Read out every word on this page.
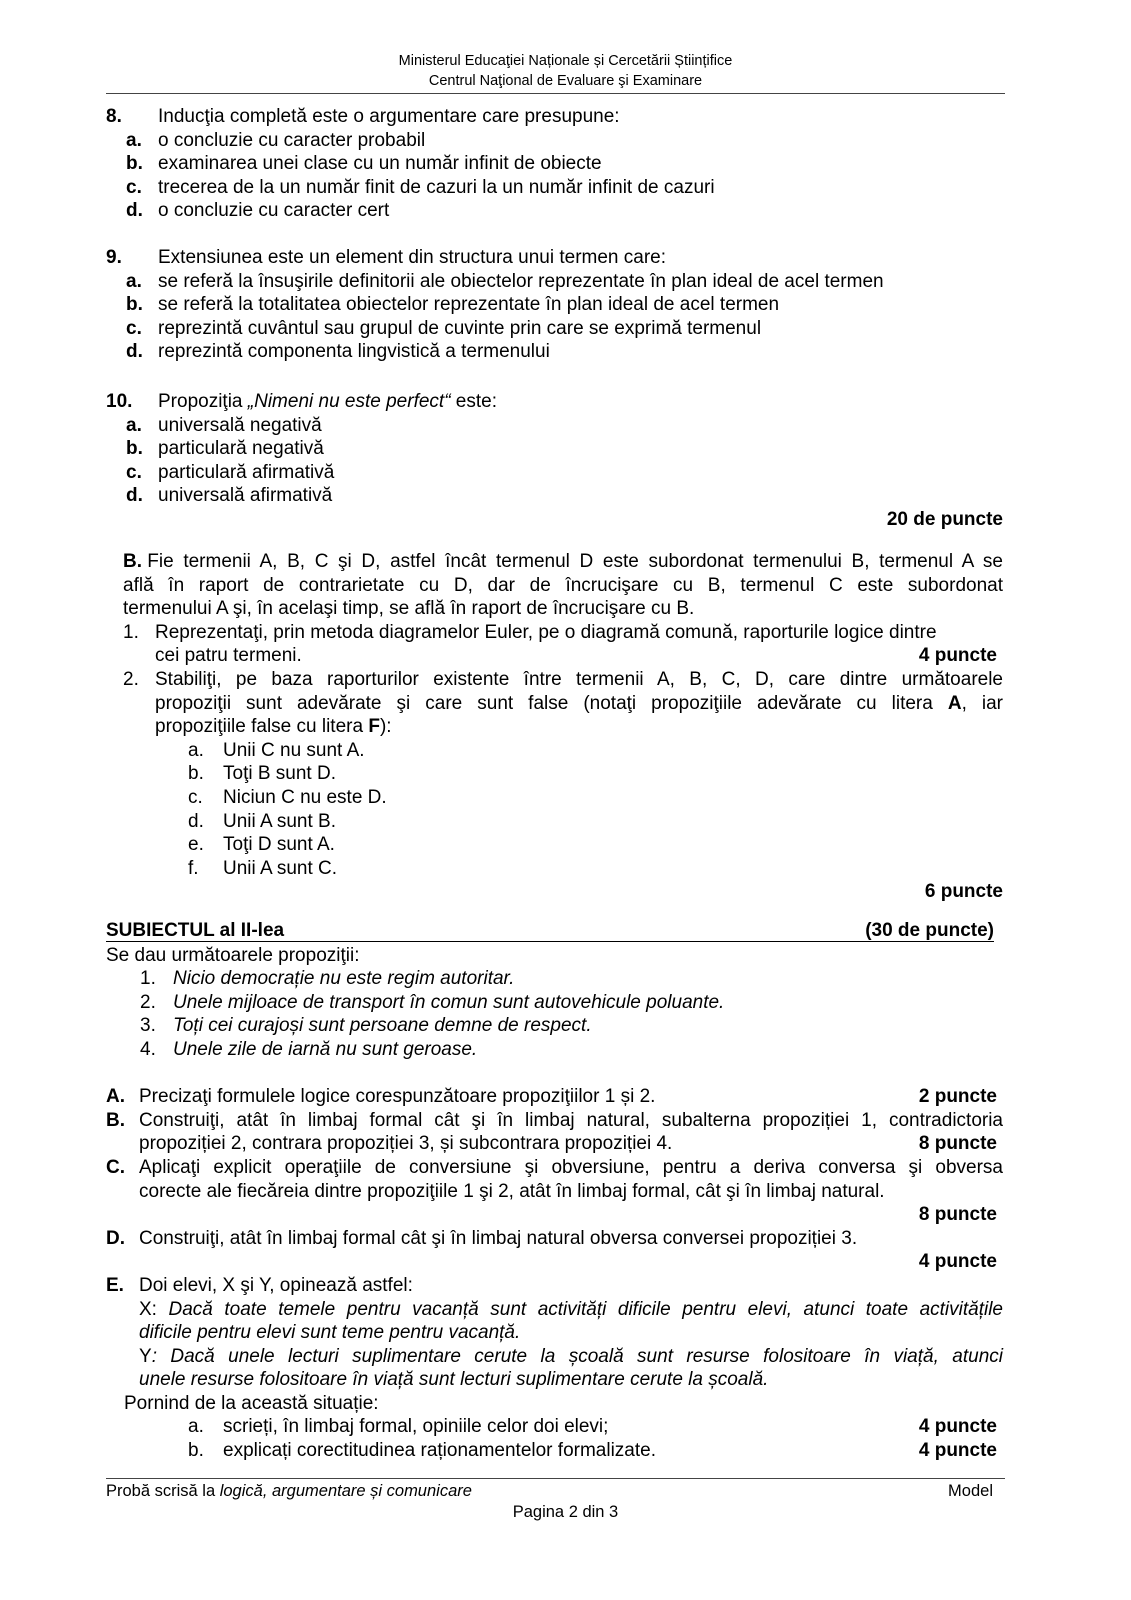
Ministerul Educaţiei Naționale și Cercetării Științifice
Centrul Naţional de Evaluare şi Examinare
8.	Inducţia completă este o argumentare care presupune:
a. o concluzie cu caracter probabil
b. examinarea unei clase cu un număr infinit de obiecte
c. trecerea de la un număr finit de cazuri la un număr infinit de cazuri
d. o concluzie cu caracter cert
9.	Extensiunea este un element din structura unui termen care:
a. se referă la însuşirile definitorii ale obiectelor reprezentate în plan ideal de acel termen
b. se referă la totalitatea obiectelor reprezentate în plan ideal de acel termen
c. reprezintă cuvântul sau grupul de cuvinte prin care se exprimă termenul
d. reprezintă componenta lingvistică a termenului
10.	Propoziţia „Nimeni nu este perfect“ este:
a. universală negativă
b. particulară negativă
c. particulară afirmativă
d. universală afirmativă
20 de puncte
B.
Fie termenii A, B, C şi D, astfel încât termenul D este subordonat termenului B, termenul A se
află în raport de contrarietate cu D, dar de încrucişare cu B, termenul C este subordonat
termenului A şi, în acelaşi timp, se află în raport de încrucişare cu B.
1. Reprezentaţi, prin metoda diagramelor Euler, pe o diagramă comună, raporturile logice dintre
cei patru termeni.	4 puncte
2. Stabiliţi, pe baza raporturilor existente între termenii A, B, C, D, care dintre următoarele
propoziţii sunt adevărate şi care sunt false (notaţi propoziţiile adevărate cu litera A, iar
propoziţiile false cu litera F):
a.	Unii C nu sunt A.
b.	Toţi B sunt D.
c.	Niciun C nu este D.
d.	Unii A sunt B.
e.	Toţi D sunt A.
f.	Unii A sunt C.
6 puncte
SUBIECTUL al II-lea	(30 de puncte)
Se dau următoarele propoziţii:
1. Nicio democrație nu este regim autoritar.
2. Unele mijloace de transport în comun sunt autovehicule poluante.
3. Toți cei curajoși sunt persoane demne de respect.
4. Unele zile de iarnă nu sunt geroase.
A. Precizaţi formulele logice corespunzătoare propoziţiilor 1 și 2.	2 puncte
B. Construiţi, atât în limbaj formal cât şi în limbaj natural, subalterna propoziției 1, contradictoria
propoziției 2, contrara propoziției 3, și subcontrara propoziției 4.	8 puncte
C. Aplicaţi explicit operaţiile de conversiune şi obversiune, pentru a deriva conversa şi obversa
corecte ale fiecăreia dintre propoziţiile 1 şi 2, atât în limbaj formal, cât şi în limbaj natural.
8 puncte
D. Construiţi, atât în limbaj formal cât şi în limbaj natural obversa conversei propoziției 3.
4 puncte
E. Doi elevi, X şi Y, opinează astfel:
X: Dacă toate temele pentru vacanță sunt activități dificile pentru elevi, atunci toate activitățile
dificile pentru elevi sunt teme pentru vacanță.
Y: Dacă unele lecturi suplimentare cerute la școală sunt resurse folositoare în viață, atunci
unele resurse folositoare în viață sunt lecturi suplimentare cerute la școală.
Pornind de la această situație:
a. scrieți, în limbaj formal, opiniile celor doi elevi;	4 puncte
b. explicați corectitudinea raționamentelor formalizate.	4 puncte
Probă scrisă la logică, argumentare și comunicare	Model
Pagina 2 din 3
